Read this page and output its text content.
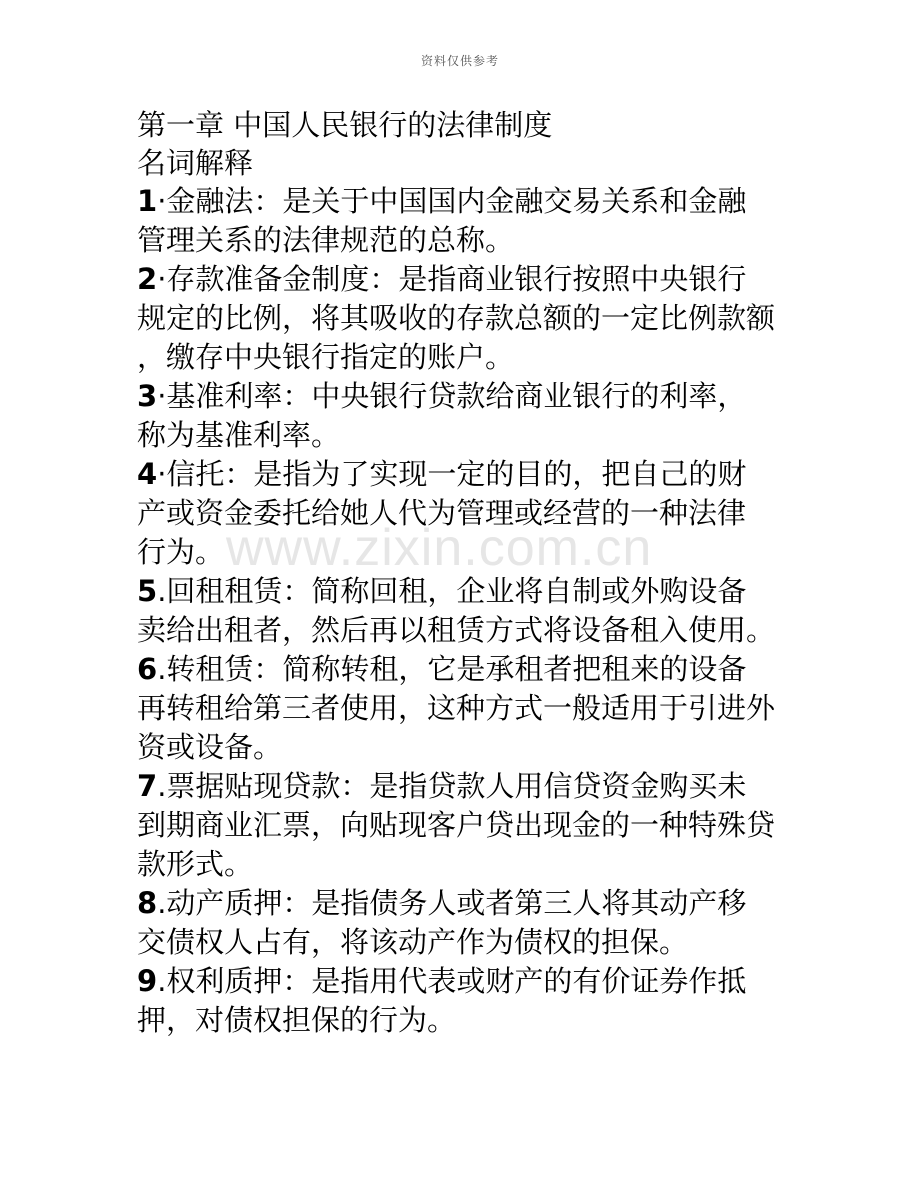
资料仅供参考
www.zixin.com.cn

第一章 中国人民银行的法律制度

名词解释

1·金融法：是关于中国国内金融交易关系和金融
管理关系的法律规范的总称。
2·存款准备金制度：是指商业银行按照中央银行
规定的比例，将其吸收的存款总额的一定比例款额
，缴存中央银行指定的账户。
3·基准利率：中央银行贷款给商业银行的利率，
称为基准利率。
4·信托：是指为了实现一定的目的，把自己的财
产或资金委托给她人代为管理或经营的一种法律
行为。
5.回租租赁：简称回租，企业将自制或外购设备
卖给出租者，然后再以租赁方式将设备租入使用。
6.转租赁：简称转租，它是承租者把租来的设备
再转租给第三者使用，这种方式一般适用于引进外
资或设备。
7.票据贴现贷款：是指贷款人用信贷资金购买未
到期商业汇票，向贴现客户贷出现金的一种特殊贷
款形式。
8.动产质押：是指债务人或者第三人将其动产移
交债权人占有，将该动产作为债权的担保。
9.权利质押：是指用代表或财产的有价证券作抵
押，对债权担保的行为。
